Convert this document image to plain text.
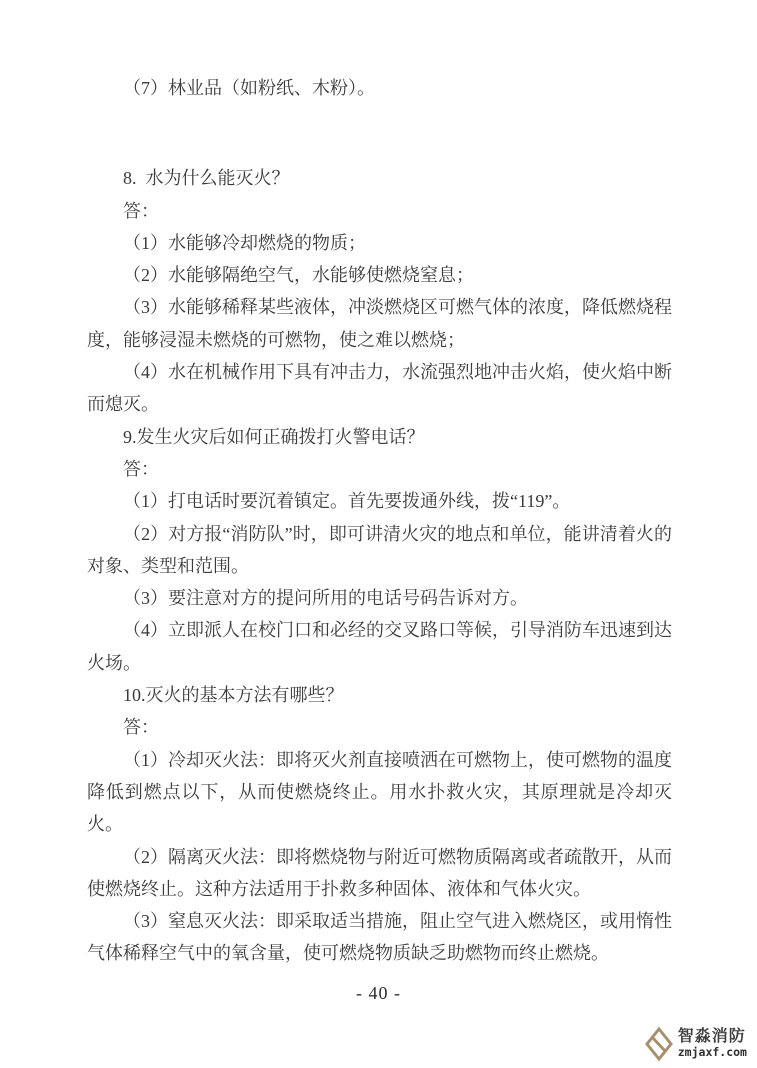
（7）林业品（如粉纸、木粉）。

8.  水为什么能灭火？

答：

（1）水能够冷却燃烧的物质；

（2）水能够隔绝空气，水能够使燃烧窒息；

（3）水能够稀释某些液体，冲淡燃烧区可燃气体的浓度，降低燃烧程度，能够浸湿未燃烧的可燃物，使之难以燃烧；

（4）水在机械作用下具有冲击力，水流强烈地冲击火焰，使火焰中断而熄灭。

9.发生火灾后如何正确拨打火警电话？

答：

（1）打电话时要沉着镇定。首先要拨通外线，拨“119”。

（2）对方报“消防队”时，即可讲清火灾的地点和单位，能讲清着火的对象、类型和范围。

（3）要注意对方的提问所用的电话号码告诉对方。

（4）立即派人在校门口和必经的交叉路口等候，引导消防车迅速到达火场。

10.灭火的基本方法有哪些？

答：

（1）冷却灭火法：即将灭火剂直接喷洒在可燃物上，使可燃物的温度降低到燃点以下，从而使燃烧终止。用水扑救火灾，其原理就是冷却灭火。

（2）隔离灭火法：即将燃烧物与附近可燃物质隔离或者疏散开，从而使燃烧终止。这种方法适用于扑救多种固体、液体和气体火灾。

（3）窒息灭火法：即采取适当措施，阻止空气进入燃烧区，或用惰性气体稀释空气中的氧含量，使可燃烧物质缺乏助燃物而终止燃烧。

- 40 -
智淼消防
zmjaxf.com
